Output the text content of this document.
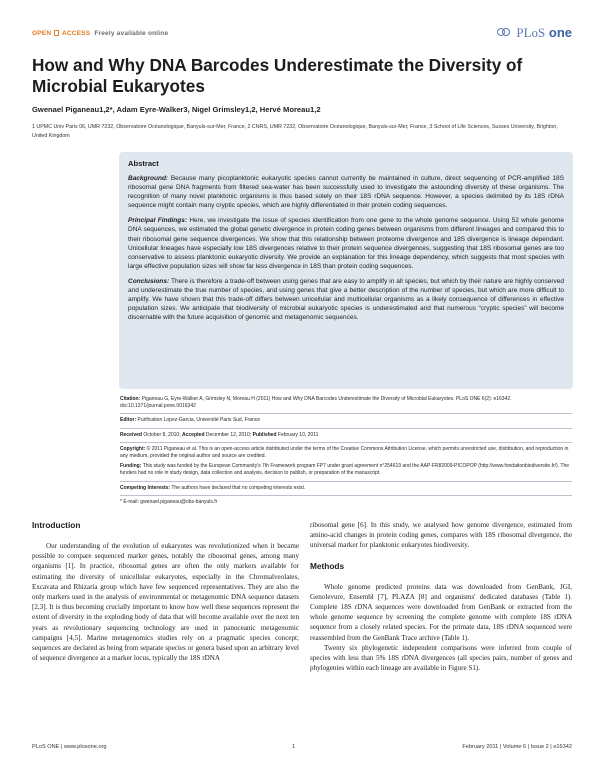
OPEN ACCESS Freely available online	PLoS one
How and Why DNA Barcodes Underestimate the Diversity of Microbial Eukaryotes
Gwenael Piganeau1,2*, Adam Eyre-Walker3, Nigel Grimsley1,2, Hervé Moreau1,2
1 UPMC Univ Paris 06, UMR 7232, Observatoire Océanologique, Banyuls-sur-Mer, France, 2 CNRS, UMR 7232, Observatoire Océanologique, Banyuls-sur-Mer, France, 3 School of Life Sciences, Sussex University, Brighton, United Kingdom
Abstract

Background: Because many picoplanktonic eukaryotic species cannot currently be maintained in culture, direct sequencing of PCR-amplified 18S ribosomal gene DNA fragments from filtered sea-water has been successfully used to investigate the astounding diversity of these organisms. The recognition of many novel planktonic organisms is thus based solely on their 18S rDNA sequence. However, a species delimited by its 18S rDNA sequence might contain many cryptic species, which are highly differentiated in their protein coding sequences.

Principal Findings: Here, we investigate the issue of species identification from one gene to the whole genome sequence. Using 52 whole genome DNA sequences, we estimated the global genetic divergence in protein coding genes between organisms from different lineages and compared this to their ribosomal gene sequence divergences. We show that this relationship between proteome divergence and 18S divergence is lineage dependant. Unicellular lineages have especially low 18S divergences relative to their protein sequence divergences, suggesting that 18S ribosomal genes are too conservative to assess planktonic eukaryotic diversity. We provide an explanation for this lineage dependency, which suggests that most species with large effective population sizes will show far less divergence in 18S than protein coding sequences.

Conclusions: There is therefore a trade-off between using genes that are easy to amplify in all species, but which by their nature are highly conserved and underestimate the true number of species, and using genes that give a better description of the number of species, but which are more difficult to amplify. We have shown that this trade-off differs between unicellular and multicellular organisms as a likely consequence of differences in effective population sizes. We anticipate that biodiversity of microbial eukaryotic species is underestimated and that numerous “cryptic species” will become discernable with the future acquisition of genomic and metagenomic sequences.

Citation: Piganeau G, Eyre-Walker A, Grimsley N, Moreau H (2011) How and Why DNA Barcodes Underestimate the Diversity of Microbial Eukaryotes. PLoS ONE 6(2): e16342. doi:10.1371/journal.pone.0016342
Editor: Purification Lopez-Garcia, Université Paris Sud, France
Received October 8, 2010; Accepted December 12, 2010; Published February 10, 2011
Copyright: © 2011 Piganeau et al. This is an open-access article distributed under the terms of the Creative Commons Attribution License, which permits unrestricted use, distribution, and reproduction in any medium, provided the original author and source are credited.
Funding: This study was funded by the European Community's 7th Framework program FP7 under grant agreement n°254619 and the AAP-FR82009-PICOPOP (http://www.fondationbiodiversite.fr/). The funders had no role in study design, data collection and analysis, decision to publish, or preparation of the manuscript.
Competing Interests: The authors have declared that no competing interests exist.
* E-mail: gwenael.piganeau@obs-banyuls.fr
Introduction

Our understanding of the evolution of eukaryotes was revolutionized when it became possible to compare sequenced marker genes, notably the ribosomal genes, among many organisms [1]. In practice, ribosomal genes are often the only markers available for estimating the diversity of unicellular eukaryotes, especially in the Chromalveolates, Excavata and Rhizaria group which have few sequenced representatives. They are also the only markers used in the analysis of environmental or metagenomic DNA sequence datasets [2,3]. It is thus becoming crucially important to know how well these sequences represent the extent of diversity in the exploding body of data that will become available over the next ten years as revolutionary sequencing technology are used in panoceanic metagenomic campaigns [4,5]. Marine metagenomics studies rely on a pragmatic species concept; sequences are declared as being from separate species or genera based upon an arbitrary level of sequence divergence at a marker locus, typically the 18S rDNA

ribosomal gene [6]. In this study, we analysed how genome divergence, estimated from amino-acid changes in protein coding genes, compares with 18S ribosomal divergence, the universal marker for planktonic eukaryotes biodiversity.

Methods

Whole genome predicted proteins data was downloaded from GenBank, JGI, Genolevure, Ensembl [7], PLAZA [8] and organisms' dedicated databases (Table 1). Complete 18S rDNA sequences were downloaded from GenBank or extracted from the whole genome sequence by screening the complete genome with complete 18S rDNA sequence from a closely related species. For the primate data, 18S rDNA sequenced were reassembled from the GenBank Trace archive (Table 1).

Twenty six phylogenetic independent comparisons were inferred from couple of species with less than 5% 18S rDNA divergences (all species pairs, number of genes and phylogenies within each lineage are available in Figure S1).

PLoS ONE | www.plosone.org	1	February 2011 | Volume 6 | Issue 2 | e16342
